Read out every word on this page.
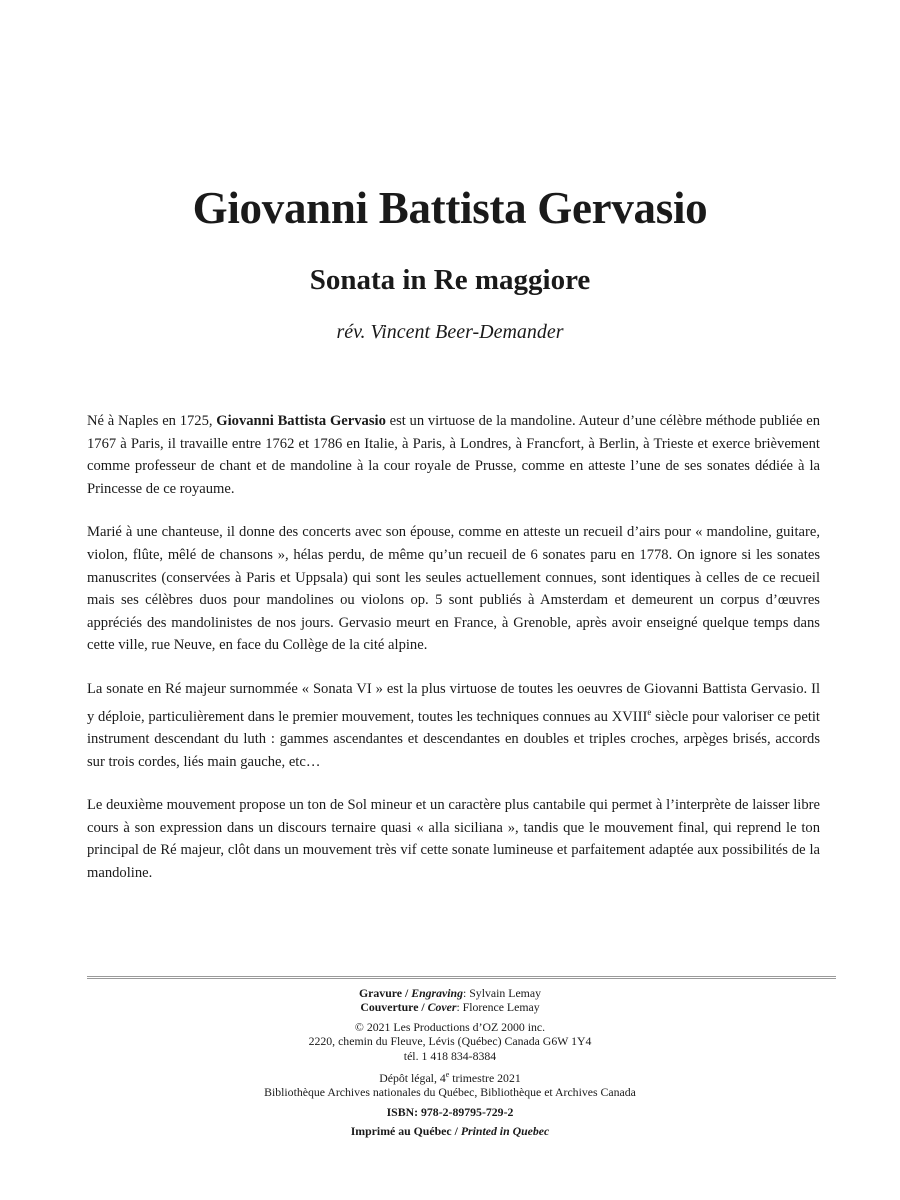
Giovanni Battista Gervasio
Sonata in Re maggiore

rév. Vincent Beer-Demander

Né à Naples en 1725, Giovanni Battista Gervasio est un virtuose de la mandoline. Auteur d’une célèbre méthode publiée en 1767 à Paris, il travaille entre 1762 et 1786 en Italie, à Paris, à Londres, à Francfort, à Berlin, à Trieste et exerce brièvement comme professeur de chant et de mandoline à la cour royale de Prusse, comme en atteste l’une de ses sonates dédiée à la Princesse de ce royaume.

Marié à une chanteuse, il donne des concerts avec son épouse, comme en atteste un recueil d’airs pour « mandoline, guitare, violon, flûte, mêlé de chansons », hélas perdu, de même qu’un recueil de 6 sonates paru en 1778. On ignore si les sonates manuscrites (conservées à Paris et Uppsala) qui sont les seules actuellement connues, sont identiques à celles de ce recueil mais ses célèbres duos pour mandolines ou violons op. 5 sont publiés à Amsterdam et demeurent un corpus d’œuvres appréciés des mandolinistes de nos jours. Gervasio meurt en France, à Grenoble, après avoir enseigné quelque temps dans cette ville, rue Neuve, en face du Collège de la cité alpine.

La sonate en Ré majeur surnommée « Sonata VI » est la plus virtuose de toutes les oeuvres de Giovanni Battista Gervasio. Il y déploie, particulièrement dans le premier mouvement, toutes les techniques connues au XVIIIe siècle pour valoriser ce petit instrument descendant du luth : gammes ascendantes et descendantes en doubles et triples croches, arpèges brisés, accords sur trois cordes, liés main gauche, etc…

Le deuxième mouvement propose un ton de Sol mineur et un caractère plus cantabile qui permet à l’interprète de laisser libre cours à son expression dans un discours ternaire quasi « alla siciliana », tandis que le mouvement final, qui reprend le ton principal de Ré majeur, clôt dans un mouvement très vif cette sonate lumineuse et parfaitement adaptée aux possibilités de la mandoline.

Gravure / Engraving: Sylvain Lemay
Couverture / Cover: Florence Lemay
© 2021 Les Productions d’OZ 2000 inc.
2220, chemin du Fleuve, Lévis (Québec) Canada G6W 1Y4
tél. 1 418 834-8384
Dépôt légal, 4e trimestre 2021
Bibliothèque Archives nationales du Québec, Bibliothèque et Archives Canada
ISBN: 978-2-89795-729-2
Imprimé au Québec / Printed in Quebec
